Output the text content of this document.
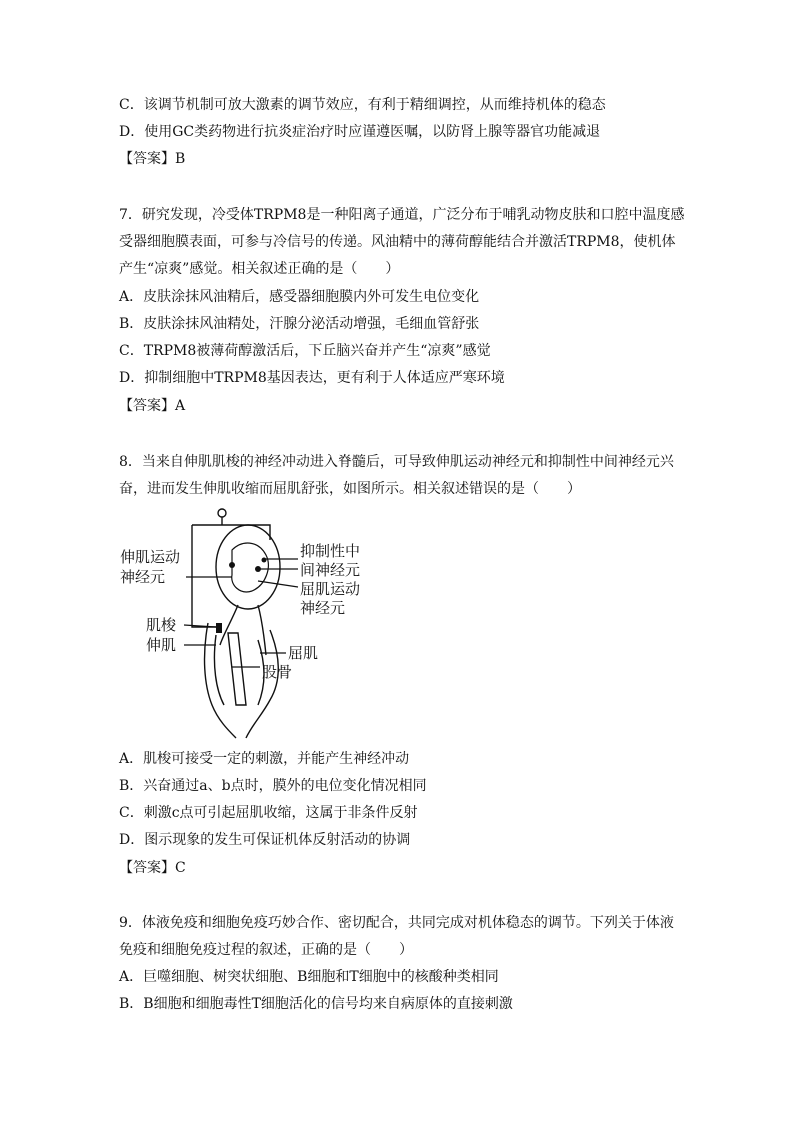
C．该调节机制可放大激素的调节效应，有利于精细调控，从而维持机体的稳态
D．使用GC类药物进行抗炎症治疗时应谨遵医嘱，以防肾上腺等器官功能减退
【答案】B
7．研究发现，冷受体TRPM8是一种阳离子通道，广泛分布于哺乳动物皮肤和口腔中温度感
受器细胞膜表面，可参与冷信号的传递。风油精中的薄荷醇能结合并激活TRPM8，使机体
产生“凉爽”感觉。相关叙述正确的是（　　）
A．皮肤涂抹风油精后，感受器细胞膜内外可发生电位变化
B．皮肤涂抹风油精处，汗腺分泌活动增强，毛细血管舒张
C．TRPM8被薄荷醇激活后，下丘脑兴奋并产生“凉爽”感觉
D．抑制细胞中TRPM8基因表达，更有利于人体适应严寒环境
【答案】A
8．当来自伸肌肌梭的神经冲动进入脊髓后，可导致伸肌运动神经元和抑制性中间神经元兴
奋，进而发生伸肌收缩而屈肌舒张，如图所示。相关叙述错误的是（　　）
伸肌运动
神经元
抑制性中
间神经元
屈肌运动
神经元
肌梭
伸肌	屈肌
股骨
A．肌梭可接受一定的刺激，并能产生神经冲动
B．兴奋通过a、b点时，膜外的电位变化情况相同
C．刺激c点可引起屈肌收缩，这属于非条件反射
D．图示现象的发生可保证机体反射活动的协调
【答案】C
9．体液免疫和细胞免疫巧妙合作、密切配合，共同完成对机体稳态的调节。下列关于体液
免疫和细胞免疫过程的叙述，正确的是（　　）
A．巨噬细胞、树突状细胞、B细胞和T细胞中的核酸种类相同
B．B细胞和细胞毒性T细胞活化的信号均来自病原体的直接刺激
